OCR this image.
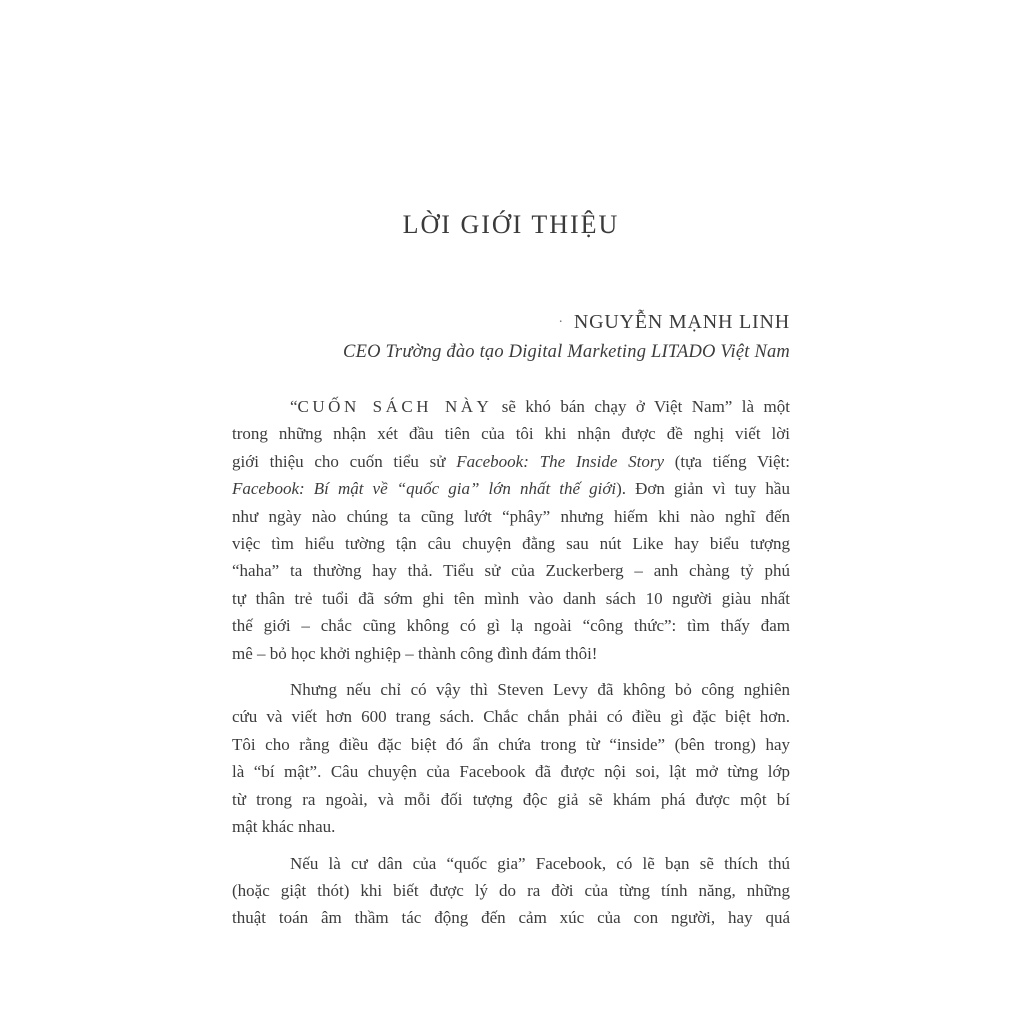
LỜI GIỚI THIỆU
· NGUYỄN MẠNH LINH
CEO Trường đào tạo Digital Marketing LITADO Việt Nam
“CUỐN SÁCH NÀY sẽ khó bán chạy ở Việt Nam” là một
trong những nhận xét đầu tiên của tôi khi nhận được đề nghị viết lời
giới thiệu cho cuốn tiểu sử Facebook: The Inside Story (tựa tiếng Việt:
Facebook: Bí mật về “quốc gia” lớn nhất thế giới). Đơn giản vì tuy hầu
như ngày nào chúng ta cũng lướt “phây” nhưng hiếm khi nào nghĩ đến
việc tìm hiểu tường tận câu chuyện đằng sau nút Like hay biểu tượng
“haha” ta thường hay thả. Tiểu sử của Zuckerberg – anh chàng tỷ phú
tự thân trẻ tuổi đã sớm ghi tên mình vào danh sách 10 người giàu nhất
thế giới – chắc cũng không có gì lạ ngoài “công thức”: tìm thấy đam
mê – bỏ học khởi nghiệp – thành công đình đám thôi!
Nhưng nếu chỉ có vậy thì Steven Levy đã không bỏ công nghiên
cứu và viết hơn 600 trang sách. Chắc chắn phải có điều gì đặc biệt hơn.
Tôi cho rằng điều đặc biệt đó ẩn chứa trong từ “inside” (bên trong) hay
là “bí mật”. Câu chuyện của Facebook đã được nội soi, lật mở từng lớp
từ trong ra ngoài, và mỗi đối tượng độc giả sẽ khám phá được một bí
mật khác nhau.
Nếu là cư dân của “quốc gia” Facebook, có lẽ bạn sẽ thích thú
(hoặc giật thót) khi biết được lý do ra đời của từng tính năng, những
thuật toán âm thầm tác động đến cảm xúc của con người, hay quá
